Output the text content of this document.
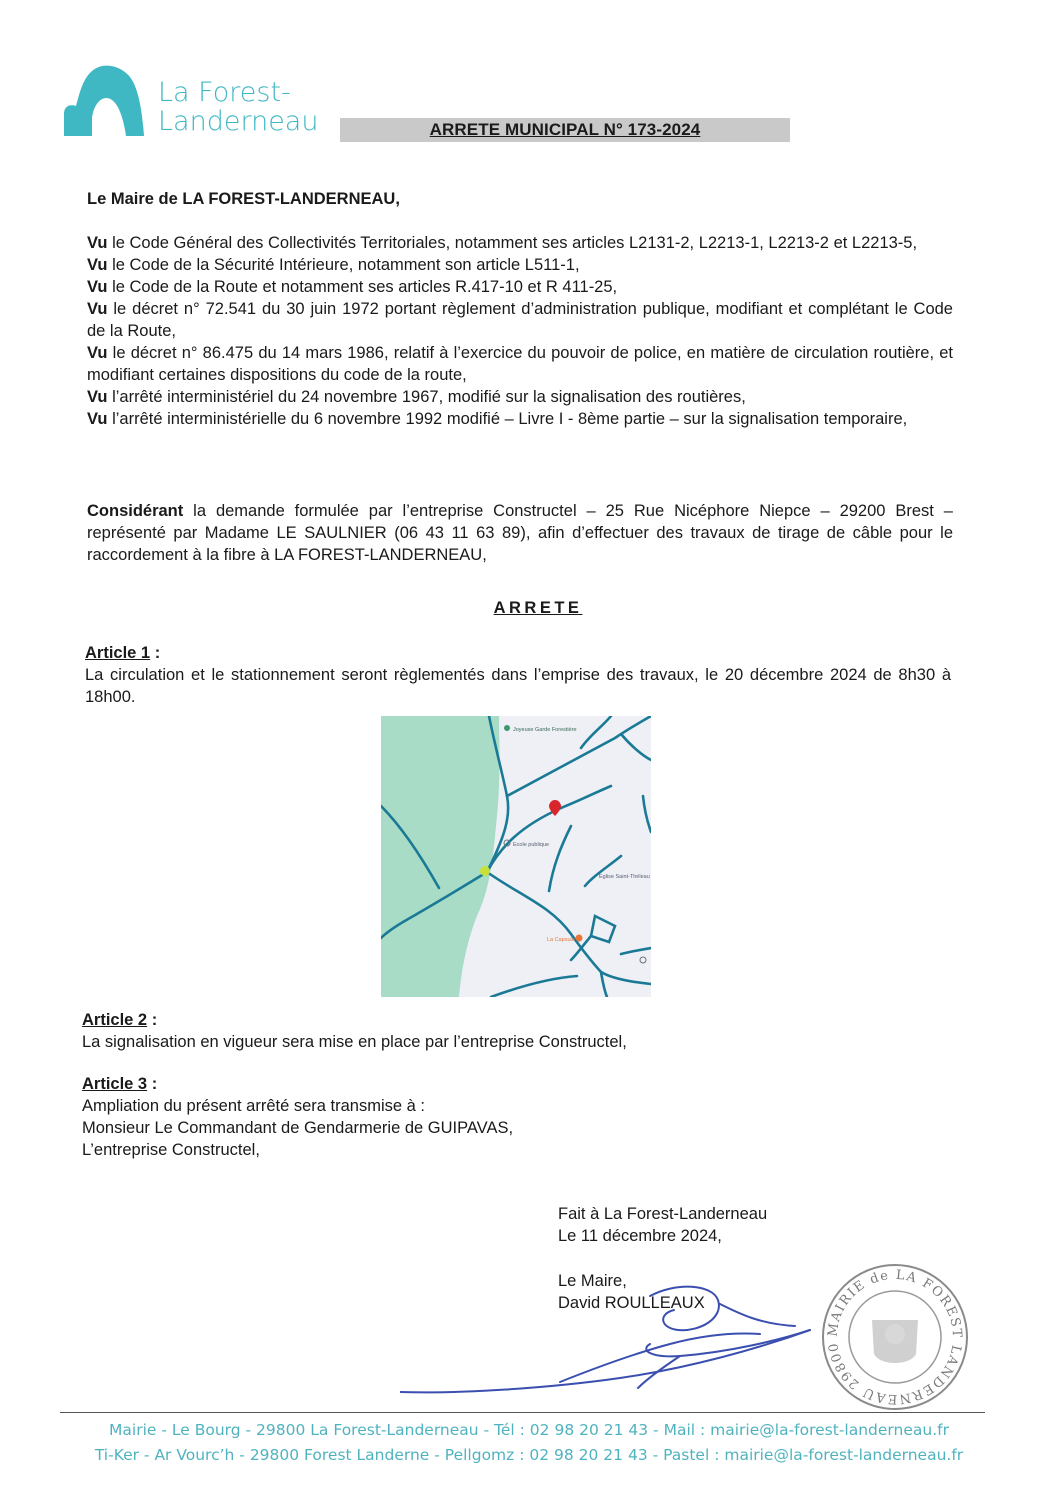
La Forest-
Landerneau	ARRETE MUNICIPAL N° 173-2024
Le Maire de LA FOREST-LANDERNEAU,
Vu le Code Général des Collectivités Territoriales, notamment ses articles L2131-2, L2213-1, L2213-2 et L2213-5,
Vu le Code de la Sécurité Intérieure, notamment son article L511-1,
Vu le Code de la Route et notamment ses articles R.417-10 et R 411-25,
Vu le décret n° 72.541 du 30 juin 1972 portant règlement d’administration publique, modifiant et complétant le Code de la Route,
Vu le décret n° 86.475 du 14 mars 1986, relatif à l’exercice du pouvoir de police, en matière de circulation routière, et modifiant certaines dispositions du code de la route,
Vu l’arrêté interministériel du 24 novembre 1967, modifié sur la signalisation des routières,
Vu l’arrêté interministérielle du 6 novembre 1992 modifié – Livre I - 8ème partie – sur la signalisation temporaire,
Considérant la demande formulée par l’entreprise Constructel – 25 Rue Nicéphore Niepce – 29200 Brest – représenté par Madame LE SAULNIER (06 43 11 63 89), afin d’effectuer des travaux de tirage de câble pour le raccordement à la fibre à LA FOREST-LANDERNEAU,
ARRETE
Article 1 :
La circulation et le stationnement seront règlementés dans l’emprise des travaux, le 20 décembre 2024 de 8h30 à 18h00.
Joyeuse Garde Forestière
Ecole publique
Eglise Saint-Théleau
La Capsule
Article 2 :
La signalisation en vigueur sera mise en place par l’entreprise Constructel,
Article 3 :
Ampliation du présent arrêté sera transmise à :
Monsieur Le Commandant de Gendarmerie de GUIPAVAS,
L’entreprise Constructel,
Fait à La Forest-Landerneau
Le 11 décembre 2024,
Le Maire,
David ROULLEAUX
MAIRIE de LA FOREST LANDERNEAU 29800
Mairie - Le Bourg - 29800 La Forest-Landerneau - Tél : 02 98 20 21 43 - Mail : mairie@la-forest-landerneau.fr
Ti-Ker - Ar Vourc’h - 29800 Forest Landerne - Pellgomz : 02 98 20 21 43 - Pastel : mairie@la-forest-landerneau.fr
